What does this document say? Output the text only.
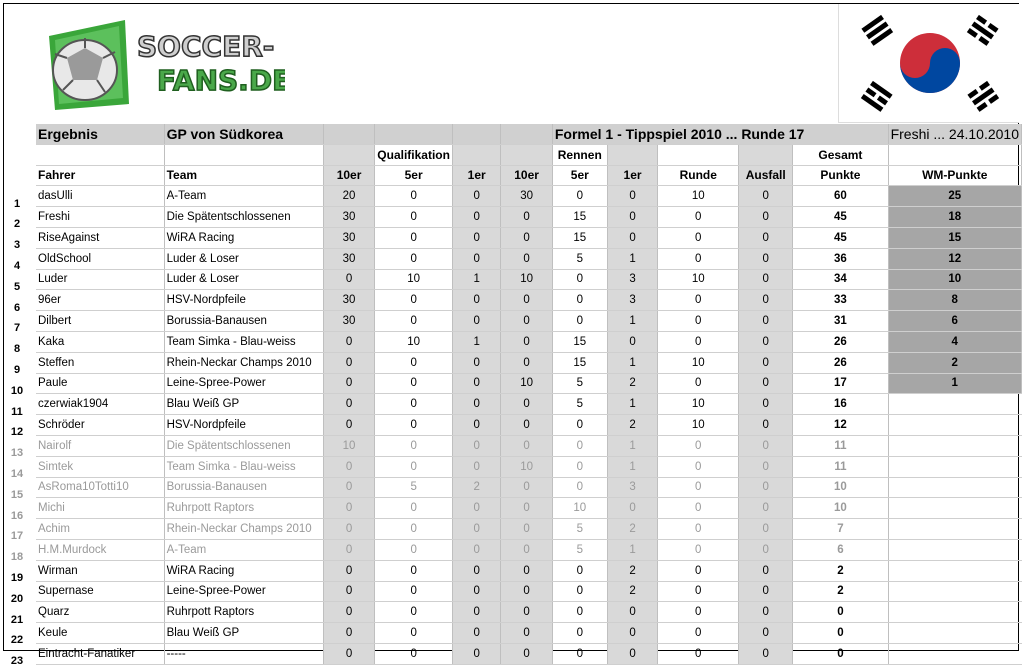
SOCCER-
FANS.DE
1
2
3
4
5
6
7
8
9
10
11
12
13
14
15
16
17
18
19
20
21
22
23
Ergebnis	GP von Südkorea					Formel 1 - Tippspiel 2010 ... Runde 17					Freshi ... 24.10.2010
			Qualifikation			Rennen				Gesamt	
Fahrer	Team	10er	5er	1er	10er	5er	1er	Runde	Ausfall	Punkte	WM-Punkte
dasUlli	A-Team	20	0	0	30	0	0	10	0	60	25
Freshi	Die Spätentschlossenen	30	0	0	0	15	0	0	0	45	18
RiseAgainst	WiRA Racing	30	0	0	0	15	0	0	0	45	15
OldSchool	Luder & Loser	30	0	0	0	5	1	0	0	36	12
Luder	Luder & Loser	0	10	1	10	0	3	10	0	34	10
96er	HSV-Nordpfeile	30	0	0	0	0	3	0	0	33	8
Dilbert	Borussia-Banausen	30	0	0	0	0	1	0	0	31	6
Kaka	Team Simka - Blau-weiss	0	10	1	0	15	0	0	0	26	4
Steffen	Rhein-Neckar Champs 2010	0	0	0	0	15	1	10	0	26	2
Paule	Leine-Spree-Power	0	0	0	10	5	2	0	0	17	1
czerwiak1904	Blau Weiß GP	0	0	0	0	5	1	10	0	16	
Schröder	HSV-Nordpfeile	0	0	0	0	0	2	10	0	12	
Nairolf	Die Spätentschlossenen	10	0	0	0	0	1	0	0	11	
Simtek	Team Simka - Blau-weiss	0	0	0	10	0	1	0	0	11	
AsRoma10Totti10	Borussia-Banausen	0	5	2	0	0	3	0	0	10	
Michi	Ruhrpott Raptors	0	0	0	0	10	0	0	0	10	
Achim	Rhein-Neckar Champs 2010	0	0	0	0	5	2	0	0	7	
H.M.Murdock	A-Team	0	0	0	0	5	1	0	0	6	
Wirman	WiRA Racing	0	0	0	0	0	2	0	0	2	
Supernase	Leine-Spree-Power	0	0	0	0	0	2	0	0	2	
Quarz	Ruhrpott Raptors	0	0	0	0	0	0	0	0	0	
Keule	Blau Weiß GP	0	0	0	0	0	0	0	0	0	
Eintracht-Fanatiker	-----	0	0	0	0	0	0	0	0	0	
